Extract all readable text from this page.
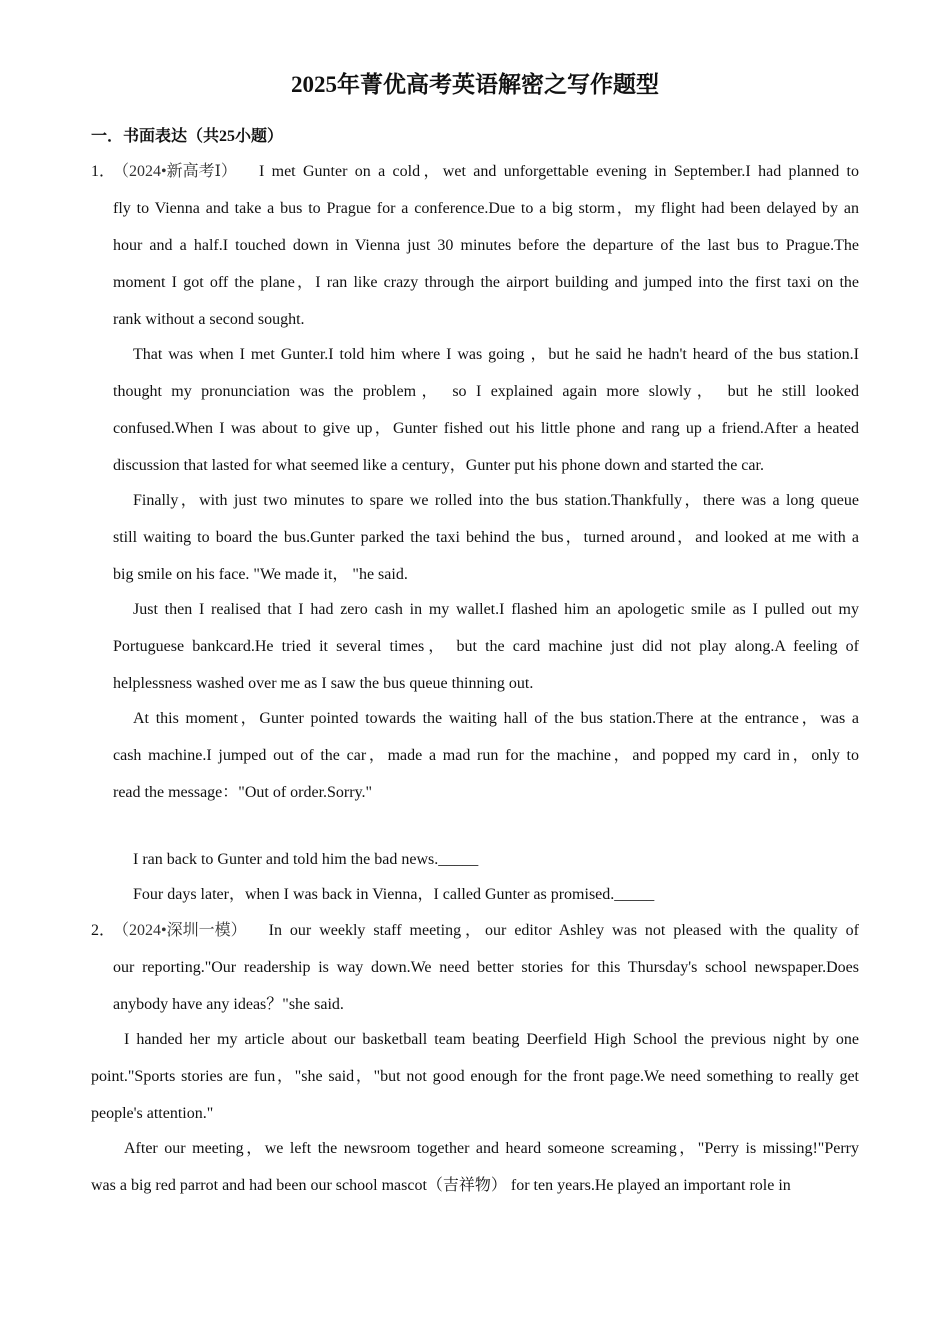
2025年菁优高考英语解密之写作题型
一．书面表达（共25小题）
1．（2024•新高考Ⅰ） I met Gunter on a cold，wet and unforgettable evening in September.I had planned to
fly to Vienna and take a bus to Prague for a conference.Due to a big storm，my flight had been delayed by an
hour and a half.I touched down in Vienna just 30 minutes before the departure of the last bus to Prague.The
moment I got off the plane，I ran like crazy through the airport building and jumped into the first taxi on the
rank without a second sought.
That was when I met Gunter.I told him where I was going ，but he said he hadn't heard of the bus station.I
thought my pronunciation was the problem， so I explained again more slowly， but he still looked
confused.When I was about to give up，Gunter fished out his little phone and rang up a friend.After a heated
discussion that lasted for what seemed like a century，Gunter put his phone down and started the car.
Finally，with just two minutes to spare we rolled into the bus station.Thankfully，there was a long queue
still waiting to board the bus.Gunter parked the taxi behind the bus，turned around，and looked at me with a
big smile on his face. "We made it， "he said.
Just then I realised that I had zero cash in my wallet.I flashed him an apologetic smile as I pulled out my
Portuguese bankcard.He tried it several times， but the card machine just did not play along.A feeling of
helplessness washed over me as I saw the bus queue thinning out.
At this moment，Gunter pointed towards the waiting hall of the bus station.There at the entrance，was a
cash machine.I jumped out of the car，made a mad run for the machine，and popped my card in，only to
read the message："Out of order.Sorry."
I ran back to Gunter and told him the bad news._____
Four days later，when I was back in Vienna，I called Gunter as promised._____
2．（2024•深圳一模） In our weekly staff meeting，our editor Ashley was not pleased with the quality of
our reporting."Our readership is way down.We need better stories for this Thursday's school newspaper.Does
anybody have any ideas？"she said.
I handed her my article about our basketball team beating Deerfield High School the previous night by one
point."Sports stories are fun，"she said，"but not good enough for the front page.We need something to really get
people's attention."
After our meeting，we left the newsroom together and heard someone screaming，"Perry is missing!"Perry
was a big red parrot and had been our school mascot（吉祥物） for ten years.He played an important role in
